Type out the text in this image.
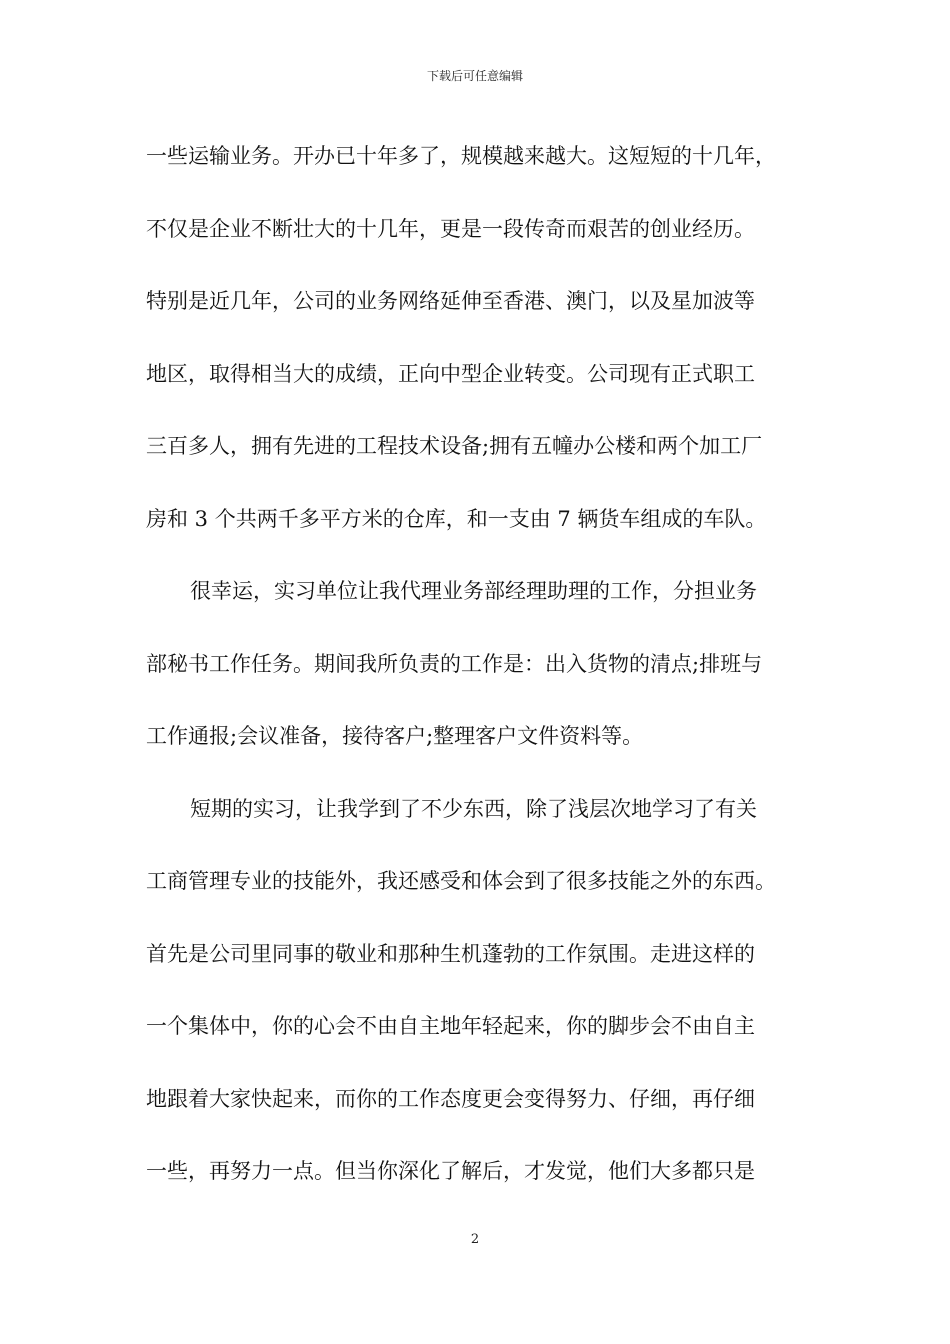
下载后可任意编辑
一些运输业务。开办已十年多了，规模越来越大。这短短的十几年，
不仅是企业不断壮大的十几年，更是一段传奇而艰苦的创业经历。
特别是近几年，公司的业务网络延伸至香港、澳门，以及星加波等
地区，取得相当大的成绩，正向中型企业转变。公司现有正式职工
三百多人，拥有先进的工程技术设备;拥有五幢办公楼和两个加工厂
房和 3 个共两千多平方米的仓库，和一支由 7 辆货车组成的车队。
很幸运，实习单位让我代理业务部经理助理的工作，分担业务
部秘书工作任务。期间我所负责的工作是：出入货物的清点;排班与
工作通报;会议准备，接待客户;整理客户文件资料等。
短期的实习，让我学到了不少东西，除了浅层次地学习了有关
工商管理专业的技能外，我还感受和体会到了很多技能之外的东西。
首先是公司里同事的敬业和那种生机蓬勃的工作氛围。走进这样的
一个集体中，你的心会不由自主地年轻起来，你的脚步会不由自主
地跟着大家快起来，而你的工作态度更会变得努力、仔细，再仔细
一些，再努力一点。但当你深化了解后，才发觉，他们大多都只是
2
